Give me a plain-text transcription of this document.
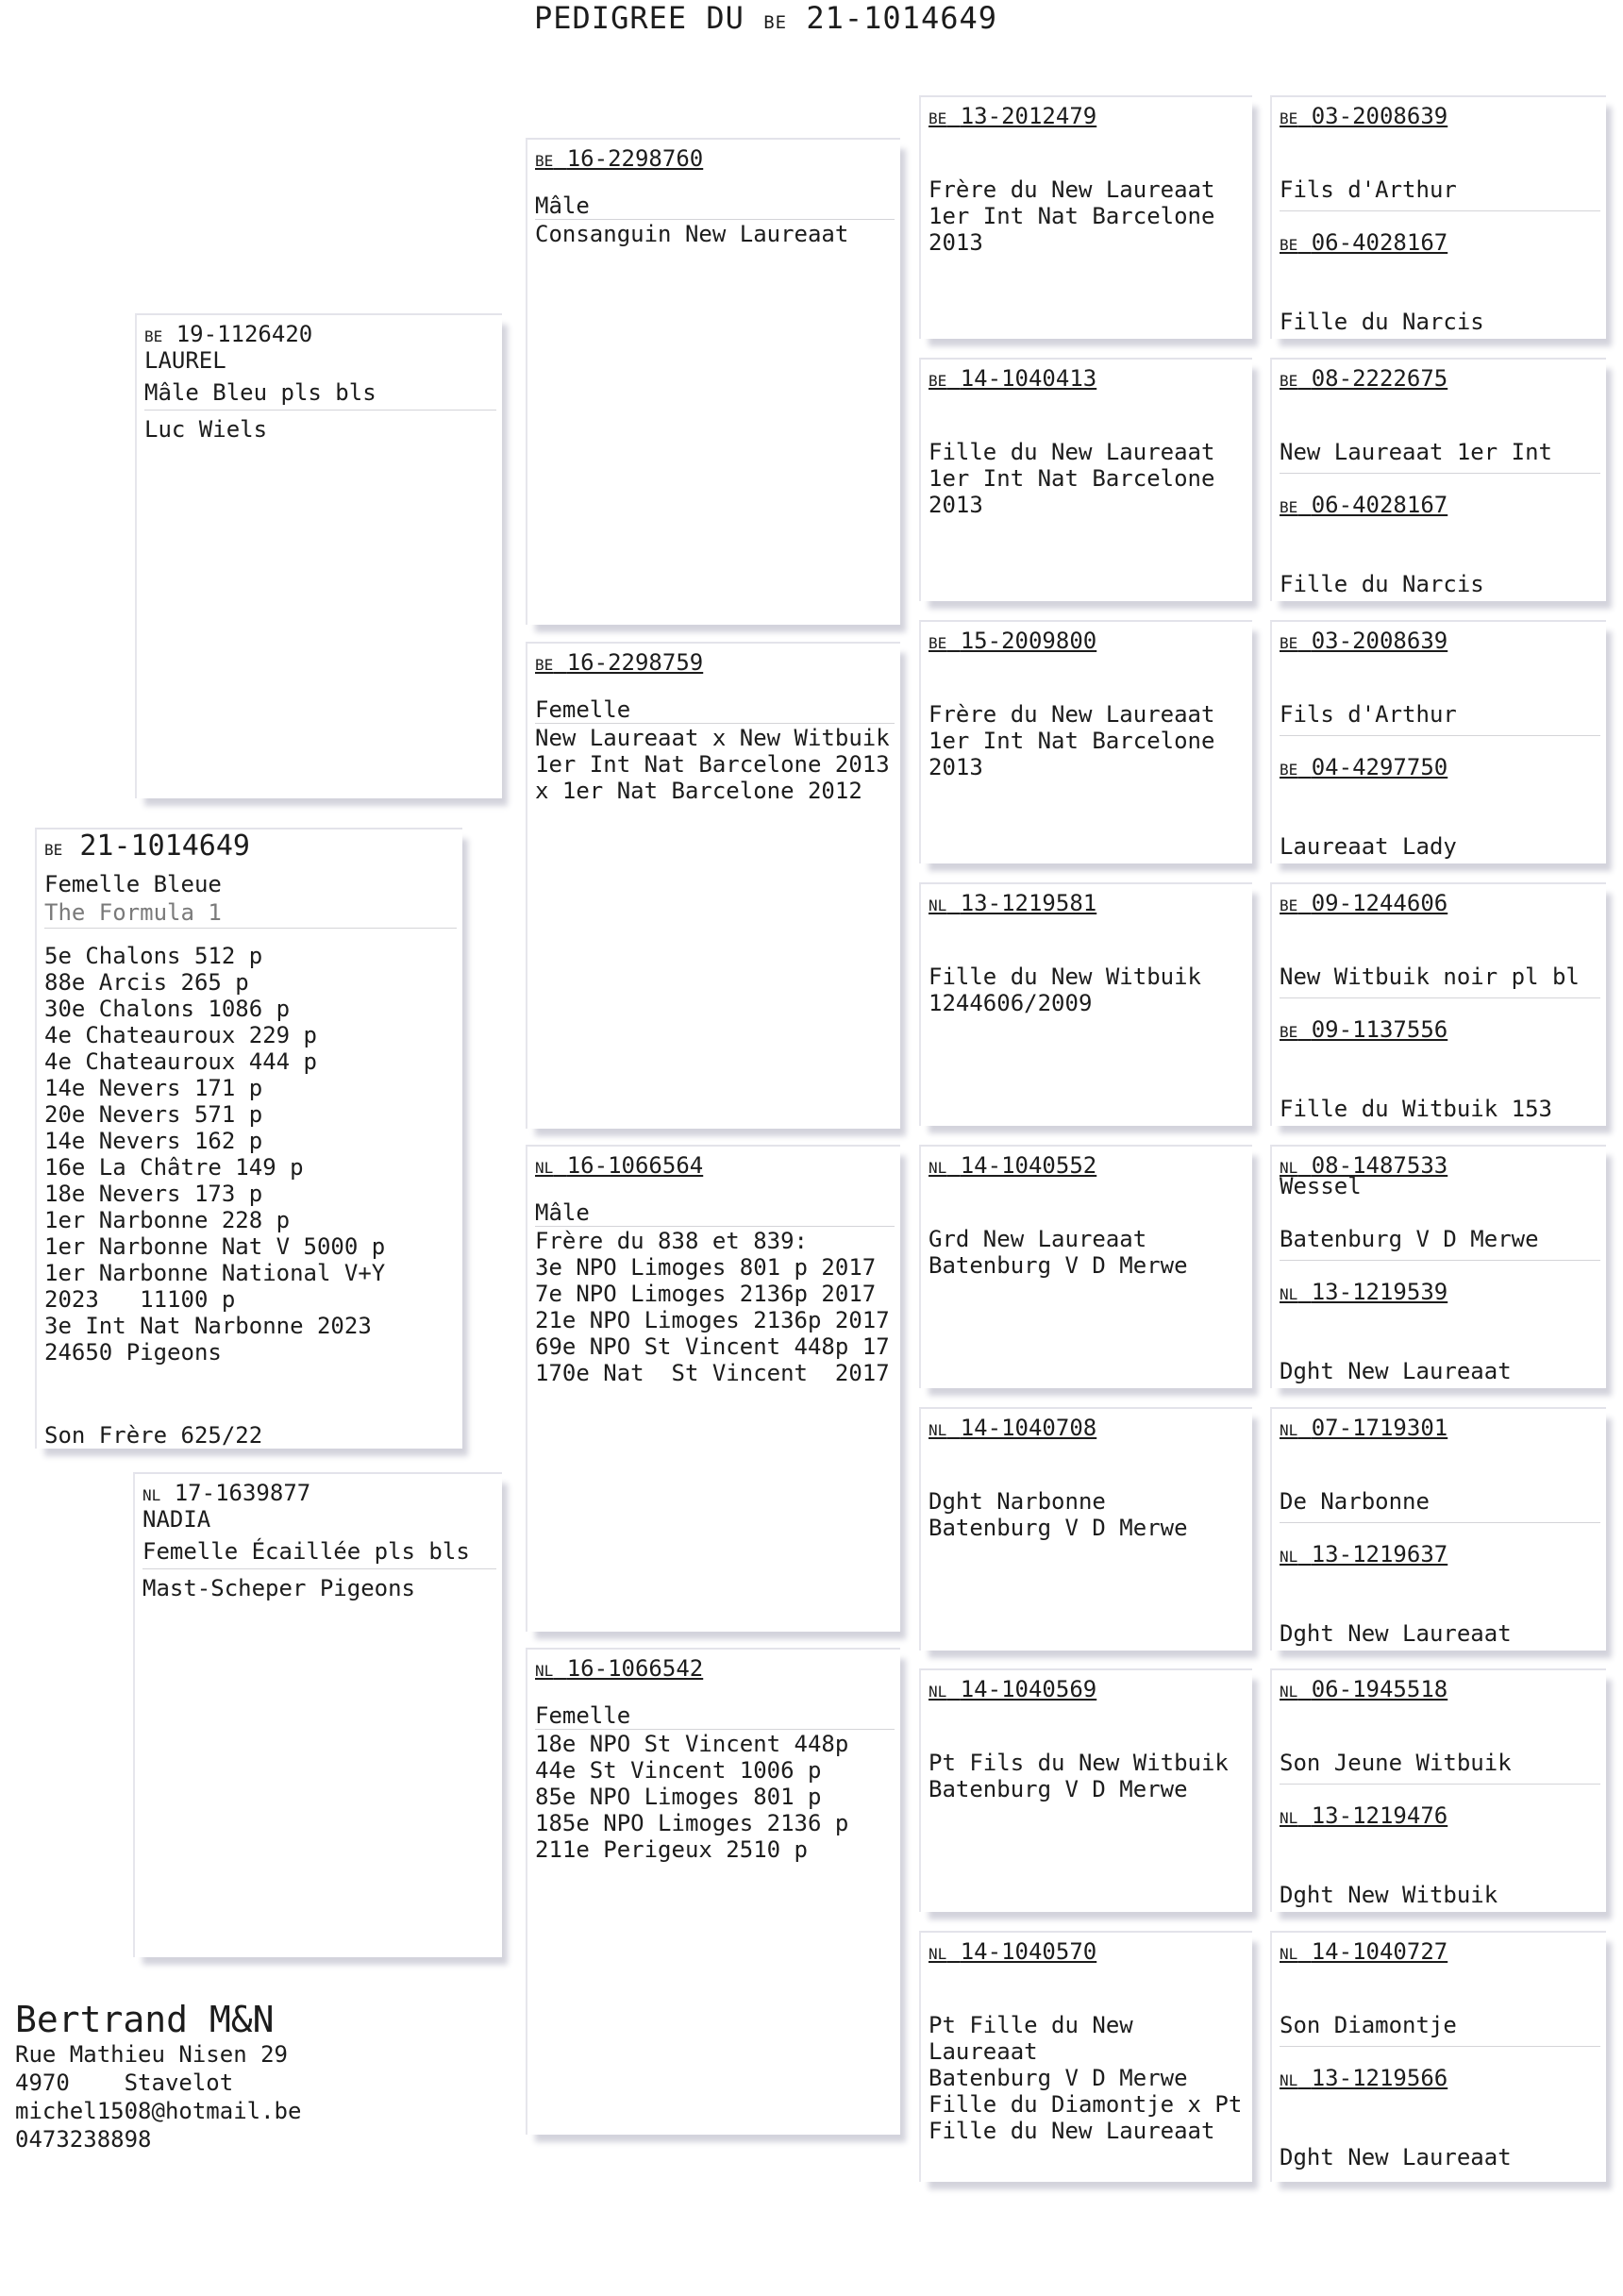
PEDIGREE DU BE 21-1014649
BE 21-1014649
Femelle Bleue
The Formula 1
5e Chalons 512 p
88e Arcis 265 p
30e Chalons 1086 p
4e Chateauroux 229 p
4e Chateauroux 444 p
14e Nevers 171 p
20e Nevers 571 p
14e Nevers 162 p
16e La Châtre 149 p
18e Nevers 173 p
1er Narbonne 228 p
1er Narbonne Nat V 5000 p
1er Narbonne National V+Y
2023   11100 p
3e Int Nat Narbonne 2023
24650 Pigeons
Son Frère 625/22
BE 19-1126420
LAUREL
Mâle Bleu pls bls
Luc Wiels
NL 17-1639877
NADIA
Femelle Écaillée pls bls
Mast-Scheper Pigeons
BE 16-2298760
Mâle
Consanguin New Laureaat
BE 16-2298759
Femelle
New Laureaat x New Witbuik
1er Int Nat Barcelone 2013
x 1er Nat Barcelone 2012
NL 16-1066564
Mâle
Frère du 838 et 839:
3e NPO Limoges 801 p 2017
7e NPO Limoges 2136p 2017
21e NPO Limoges 2136p 2017
69e NPO St Vincent 448p 17
170e Nat  St Vincent  2017
NL 16-1066542
Femelle
18e NPO St Vincent 448p
44e St Vincent 1006 p
85e NPO Limoges 801 p
185e NPO Limoges 2136 p
211e Perigeux 2510 p
BE 13-2012479
Frère du New Laureaat
1er Int Nat Barcelone
2013
BE 14-1040413
Fille du New Laureaat
1er Int Nat Barcelone
2013
BE 15-2009800
Frère du New Laureaat
1er Int Nat Barcelone
2013
NL 13-1219581
Fille du New Witbuik
1244606/2009
NL 14-1040552
Grd New Laureaat
Batenburg V D Merwe
NL 14-1040708
Dght Narbonne
Batenburg V D Merwe
NL 14-1040569
Pt Fils du New Witbuik
Batenburg V D Merwe
NL 14-1040570
Pt Fille du New
Laureaat
Batenburg V D Merwe
Fille du Diamontje x Pt
Fille du New Laureaat
BE 03-2008639
Fils d'Arthur
BE 06-4028167
Fille du Narcis
BE 08-2222675
New Laureaat 1er Int
BE 06-4028167
Fille du Narcis
BE 03-2008639
Fils d'Arthur
BE 04-4297750
Laureaat Lady
BE 09-1244606
New Witbuik noir pl bl
BE 09-1137556
Fille du Witbuik 153
NL 08-1487533
Wessel
Batenburg V D Merwe
NL 13-1219539
Dght New Laureaat
NL 07-1719301
De Narbonne
NL 13-1219637
Dght New Laureaat
NL 06-1945518
Son Jeune Witbuik
NL 13-1219476
Dght New Witbuik
NL 14-1040727
Son Diamontje
NL 13-1219566
Dght New Laureaat
Bertrand M&N
Rue Mathieu Nisen 29
4970    Stavelot
michel1508@hotmail.be
0473238898
